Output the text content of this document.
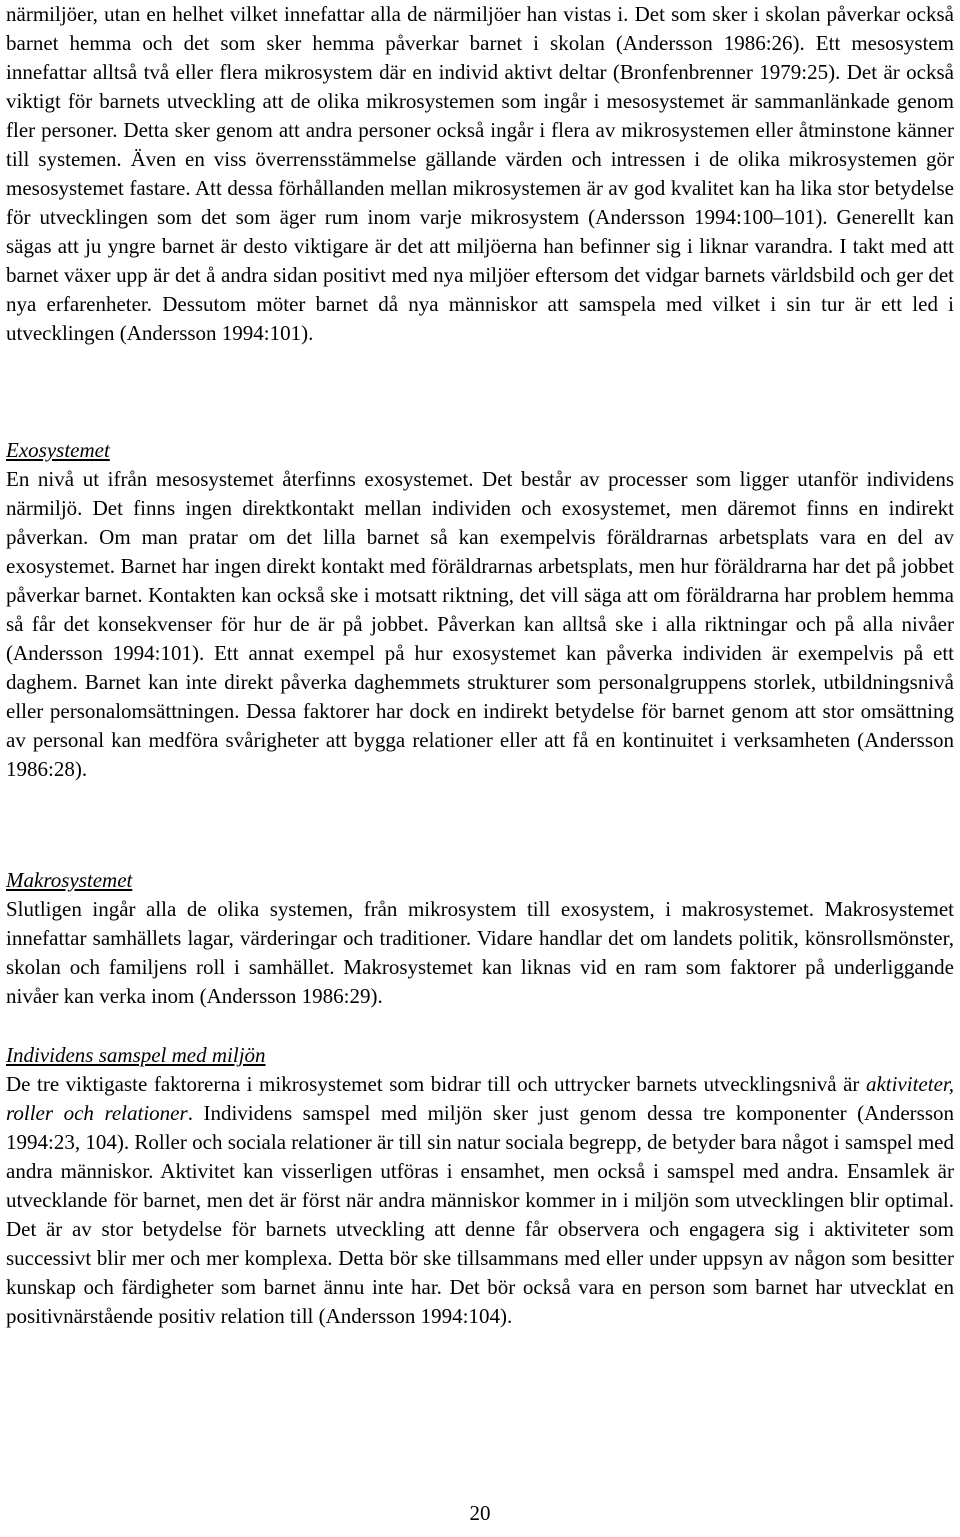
närmiljöer, utan en helhet vilket innefattar alla de närmiljöer han vistas i. Det som sker i skolan påverkar också barnet hemma och det som sker hemma påverkar barnet i skolan (Andersson 1986:26). Ett mesosystem innefattar alltså två eller flera mikrosystem där en individ aktivt deltar (Bronfenbrenner 1979:25). Det är också viktigt för barnets utveckling att de olika mikrosystemen som ingår i mesosystemet är sammanlänkade genom fler personer. Detta sker genom att andra personer också ingår i flera av mikrosystemen eller åtminstone känner till systemen. Även en viss överrensstämmelse gällande värden och intressen i de olika mikrosystemen gör mesosystemet fastare. Att dessa förhållanden mellan mikrosystemen är av god kvalitet kan ha lika stor betydelse för utvecklingen som det som äger rum inom varje mikrosystem (Andersson 1994:100–101). Generellt kan sägas att ju yngre barnet är desto viktigare är det att miljöerna han befinner sig i liknar varandra. I takt med att barnet växer upp är det å andra sidan positivt med nya miljöer eftersom det vidgar barnets världsbild och ger det nya erfarenheter. Dessutom möter barnet då nya människor att samspela med vilket i sin tur är ett led i utvecklingen (Andersson 1994:101).

Exosystemet

En nivå ut ifrån mesosystemet återfinns exosystemet. Det består av processer som ligger utanför individens närmiljö. Det finns ingen direktkontakt mellan individen och exosystemet, men däremot finns en indirekt påverkan. Om man pratar om det lilla barnet så kan exempelvis föräldrarnas arbetsplats vara en del av exosystemet. Barnet har ingen direkt kontakt med föräldrarnas arbetsplats, men hur föräldrarna har det på jobbet påverkar barnet. Kontakten kan också ske i motsatt riktning, det vill säga att om föräldrarna har problem hemma så får det konsekvenser för hur de är på jobbet. Påverkan kan alltså ske i alla riktningar och på alla nivåer (Andersson 1994:101). Ett annat exempel på hur exosystemet kan påverka individen är exempelvis på ett daghem. Barnet kan inte direkt påverka daghemmets strukturer som personalgruppens storlek, utbildningsnivå eller personalomsättningen. Dessa faktorer har dock en indirekt betydelse för barnet genom att stor omsättning av personal kan medföra svårigheter att bygga relationer eller att få en kontinuitet i verksamheten (Andersson 1986:28).

Makrosystemet

Slutligen ingår alla de olika systemen, från mikrosystem till exosystem, i makrosystemet. Makrosystemet innefattar samhällets lagar, värderingar och traditioner. Vidare handlar det om landets politik, könsrollsmönster, skolan och familjens roll i samhället. Makrosystemet kan liknas vid en ram som faktorer på underliggande nivåer kan verka inom (Andersson 1986:29).

Individens samspel med miljön

De tre viktigaste faktorerna i mikrosystemet som bidrar till och uttrycker barnets utvecklingsnivå är aktiviteter, roller och relationer. Individens samspel med miljön sker just genom dessa tre komponenter (Andersson 1994:23, 104). Roller och sociala relationer är till sin natur sociala begrepp, de betyder bara något i samspel med andra människor. Aktivitet kan visserligen utföras i ensamhet, men också i samspel med andra. Ensamlek är utvecklande för barnet, men det är först när andra människor kommer in i miljön som utvecklingen blir optimal. Det är av stor betydelse för barnets utveckling att denne får observera och engagera sig i aktiviteter som successivt blir mer och mer komplexa. Detta bör ske tillsammans med eller under uppsyn av någon som besitter kunskap och färdigheter som barnet ännu inte har. Det bör också vara en person som barnet har utvecklat en positivnärstående positiv relation till (Andersson 1994:104).

20
